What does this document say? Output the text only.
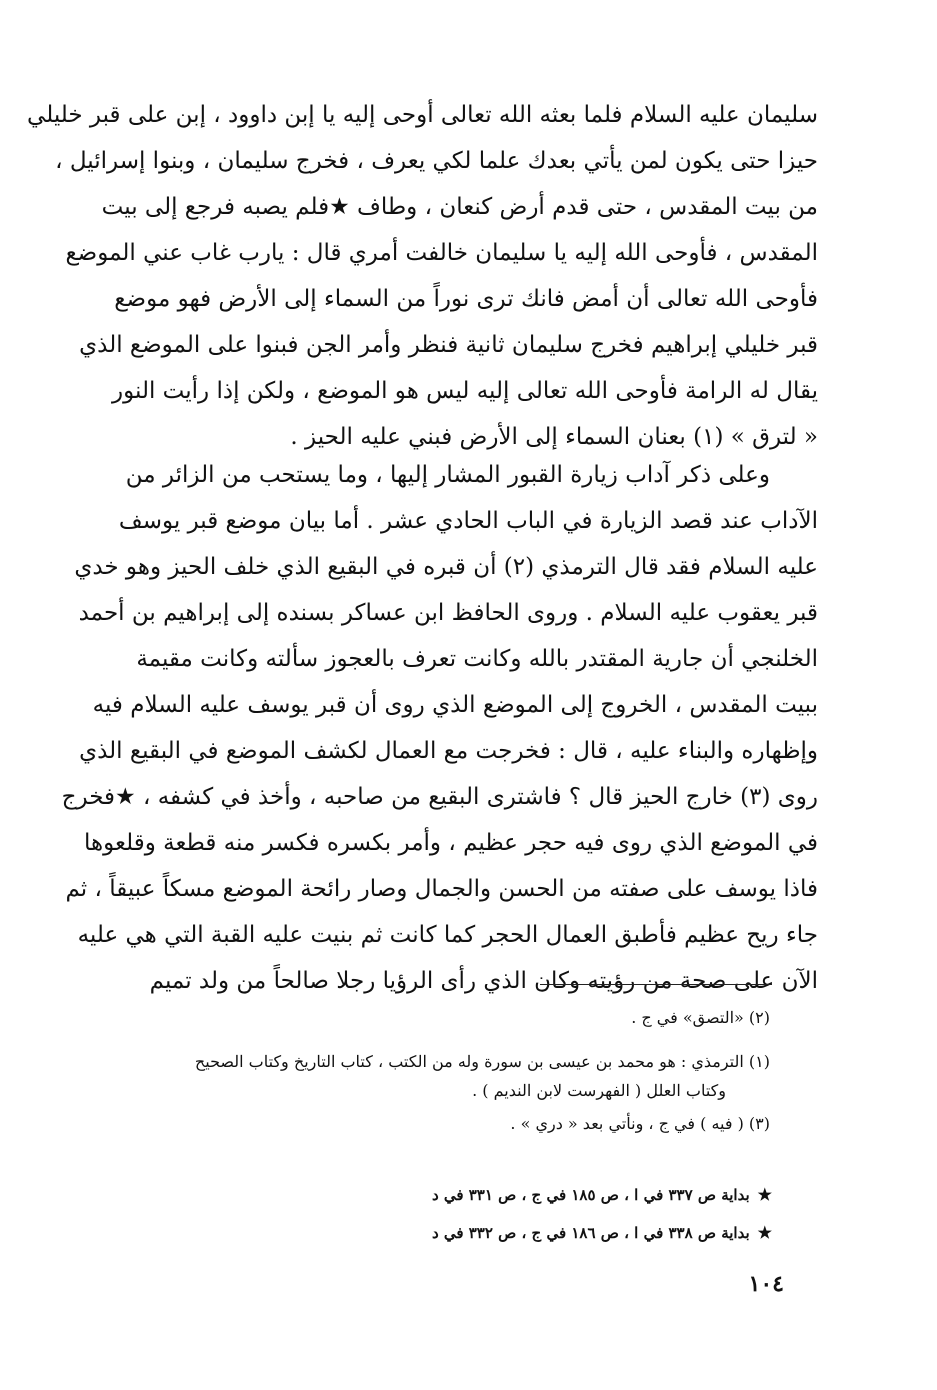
سليمان عليه السلام فلما بعثه الله تعالى أوحى إليه يا إبن داوود ، إبن على قبر خليلي
حيزا حتى يكون لمن يأتي بعدك علما لكي يعرف ، فخرج سليمان ، وبنوا إسرائيل ،
من بيت المقدس ، حتى قدم أرض كنعان ، وطاف ★فلم يصبه فرجع إلى بيت
المقدس ، فأوحى الله إليه يا سليمان خالفت أمري قال : يارب غاب عني الموضع
فأوحى الله تعالى أن أمض فانك ترى نوراً من السماء إلى الأرض فهو موضع
قبر خليلي إبراهيم فخرج سليمان ثانية فنظر وأمر الجن فبنوا على الموضع الذي
يقال له الرامة فأوحى الله تعالى إليه ليس هو الموضع ، ولكن إذا رأيت النور
« لترق » (١) بعنان السماء إلى الأرض فبني عليه الحيز .
وعلى ذكر آداب زيارة القبور المشار إليها ، وما يستحب من الزائر من
الآداب عند قصد الزيارة في الباب الحادي عشر . أما بيان موضع قبر يوسف
عليه السلام فقد قال الترمذي (٢) أن قبره في البقيع الذي خلف الحيز وهو خدي
قبر يعقوب عليه السلام . وروى الحافظ ابن عساكر بسنده إلى إبراهيم بن أحمد
الخلنجي أن جارية المقتدر بالله وكانت تعرف بالعجوز سألته وكانت مقيمة
ببيت المقدس ، الخروج إلى الموضع الذي روى أن قبر يوسف عليه السلام فيه
وإظهاره والبناء عليه ، قال : فخرجت مع العمال لكشف الموضع في البقيع الذي
روى (٣) خارج الحيز قال ؟ فاشترى البقيع من صاحبه ، وأخذ في كشفه ، ★فخرج
في الموضع الذي روى فيه حجر عظيم ، وأمر بكسره فكسر منه قطعة وقلعوها
فاذا يوسف على صفته من الحسن والجمال وصار رائحة الموضع مسكاً عبيقاً ، ثم
جاء ريح عظيم فأطبق العمال الحجر كما كانت ثم بنيت عليه القبة التي هي عليه
الآن على صحة من رؤيته وكان الذي رأى الرؤيا رجلا صالحاً من ولد تميم
(٢) «التصق» في ج .
(١) الترمذي : هو محمد بن عيسى بن سورة وله من الكتب ، كتاب التاريخ وكتاب الصحيح
وكتاب العلل ( الفهرست لابن النديم ) .
(٣) ( فيه ) في ج ، ونأتي بعد « دري » .
★بداية ص ٣٣٧ في ا ، ص ١٨٥ في ج ، ص ٣٣١ في د
★بداية ص ٣٣٨ في ا ، ص ١٨٦ في ج ، ص ٣٣٢ في د
١٠٤
